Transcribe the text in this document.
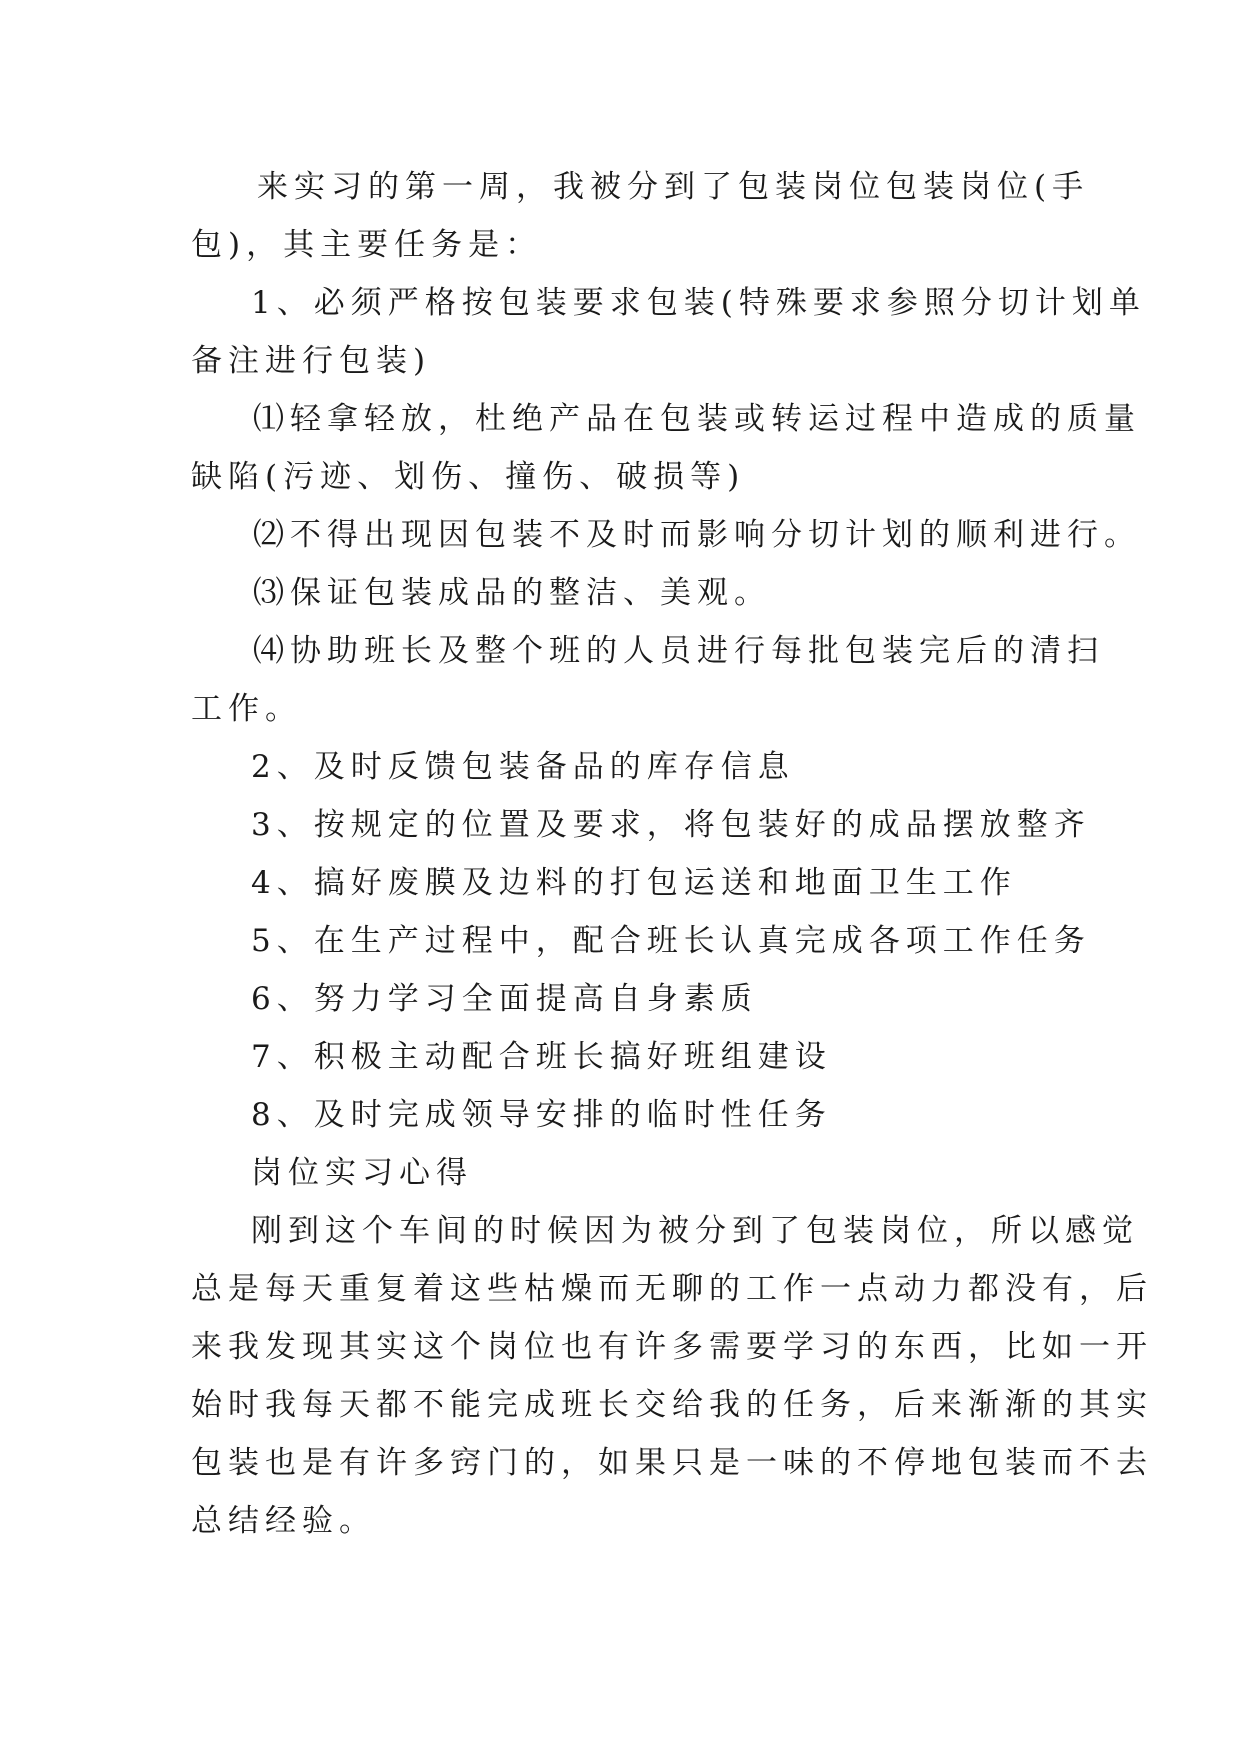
来实习的第一周，我被分到了包装岗位包装岗位(手
包)，其主要任务是：
1、必须严格按包装要求包装(特殊要求参照分切计划单
备注进行包装)
⑴轻拿轻放，杜绝产品在包装或转运过程中造成的质量
缺陷(污迹、划伤、撞伤、破损等)
⑵不得出现因包装不及时而影响分切计划的顺利进行。
⑶保证包装成品的整洁、美观。
⑷协助班长及整个班的人员进行每批包装完后的清扫
工作。
2、及时反馈包装备品的库存信息
3、按规定的位置及要求，将包装好的成品摆放整齐
4、搞好废膜及边料的打包运送和地面卫生工作
5、在生产过程中，配合班长认真完成各项工作任务
6、努力学习全面提高自身素质
7、积极主动配合班长搞好班组建设
8、及时完成领导安排的临时性任务
岗位实习心得
刚到这个车间的时候因为被分到了包装岗位，所以感觉
总是每天重复着这些枯燥而无聊的工作一点动力都没有，后
来我发现其实这个岗位也有许多需要学习的东西，比如一开
始时我每天都不能完成班长交给我的任务，后来渐渐的其实
包装也是有许多窍门的，如果只是一味的不停地包装而不去
总结经验。
